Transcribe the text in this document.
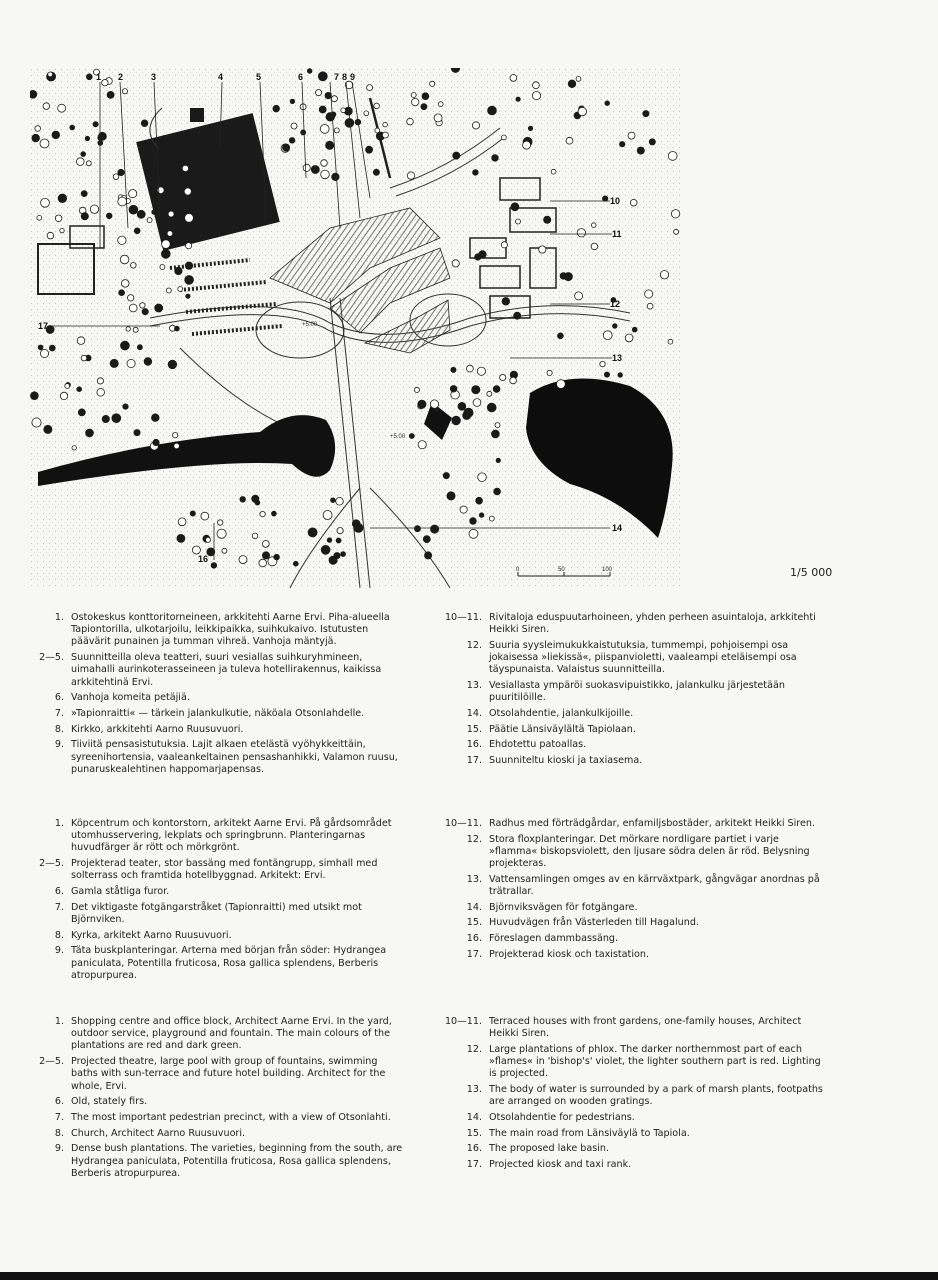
1 2	3	4	5	6	7 8 9
10
11
12
13
14
16
17	+5.00
+5.00
0	50	100	1/5 000
1. Ostokeskus konttoritorneineen, arkkitehti Aarne Ervi. Piha-alueella Tapiontorilla, ulkotarjoilu, leikkipaikka, suihkukaivo. Istutusten päävärit punainen ja tumman vihreä. Vanhoja mäntyjä.
2—5. Suunnitteilla oleva teatteri, suuri vesiallas suihkuryhmineen, uimahalli aurinkoterasseineen ja tuleva hotellirakennus, kaikissa arkkitehtinä Ervi.
6. Vanhoja komeita petäjiä.
7. »Tapionraitti« — tärkein jalankulkutie, näköala Otsonlahdelle.
8. Kirkko, arkkitehti Aarno Ruusuvuori.
9. Tiiviitä pensasistutuksia. Lajit alkaen etelästä vyöhykkeittäin, syreenihortensia, vaaleankeltainen pensashanhikki, Valamon ruusu, punaruskealehtinen happomarjapensas.
10—11. Rivitaloja eduspuutarhoineen, yhden perheen asuintaloja, arkkitehti Heikki Siren.
12. Suuria syysleimukukkaistutuksia, tummempi, pohjoisempi osa jokaisessa »liekissä«, piispanvioletti, vaaleampi eteläisempi osa täyspunaista. Valaistus suunnitteilla.
13. Vesiallasta ympäröi suokasvipuistikko, jalankulku järjestetään puuritilöille.
14. Otsolahdentie, jalankulkijoille.
15. Päätie Länsiväylältä Tapiolaan.
16. Ehdotettu patoallas.
17. Suunniteltu kioski ja taxiasema.
1. Köpcentrum och kontorstorn, arkitekt Aarne Ervi. På gårdsområdet utomhusservering, lekplats och springbrunn. Planteringarnas huvudfärger är rött och mörkgrönt.
2—5. Projekterad teater, stor bassäng med fontängrupp, simhall med solterrass och framtida hotellbyggnad. Arkitekt: Ervi.
6. Gamla ståtliga furor.
7. Det viktigaste fotgängarstråket (Tapionraitti) med utsikt mot Björnviken.
8. Kyrka, arkitekt Aarno Ruusuvuori.
9. Täta buskplanteringar. Arterna med början från söder: Hydrangea paniculata, Potentilla fruticosa, Rosa gallica splendens, Berberis atropurpurea.
10—11. Radhus med förträdgårdar, enfamiljsbostäder, arkitekt Heikki Siren.
12. Stora floxplanteringar. Det mörkare nordligare partiet i varje »flamma« biskopsviolett, den ljusare södra delen är röd. Belysning projekteras.
13. Vattensamlingen omges av en kärrväxtpark, gångvägar anordnas på trätrallar.
14. Björnviksvägen för fotgängare.
15. Huvudvägen från Västerleden till Hagalund.
16. Föreslagen dammbassäng.
17. Projekterad kiosk och taxistation.
1. Shopping centre and office block, Architect Aarne Ervi. In the yard, outdoor service, playground and fountain. The main colours of the plantations are red and dark green.
2—5. Projected theatre, large pool with group of fountains, swimming baths with sun-terrace and future hotel building. Architect for the whole, Ervi.
6. Old, stately firs.
7. The most important pedestrian precinct, with a view of Otsonlahti.
8. Church, Architect Aarno Ruusuvuori.
9. Dense bush plantations. The varieties, beginning from the south, are Hydrangea paniculata, Potentilla fruticosa, Rosa gallica splendens, Berberis atropurpurea.
10—11. Terraced houses with front gardens, one-family houses, Architect Heikki Siren.
12. Large plantations of phlox. The darker northernmost part of each »flames« in 'bishop's' violet, the lighter southern part is red. Lighting is projected.
13. The body of water is surrounded by a park of marsh plants, footpaths are arranged on wooden gratings.
14. Otsolahdentie for pedestrians.
15. The main road from Länsiväylä to Tapiola.
16. The proposed lake basin.
17. Projected kiosk and taxi rank.
